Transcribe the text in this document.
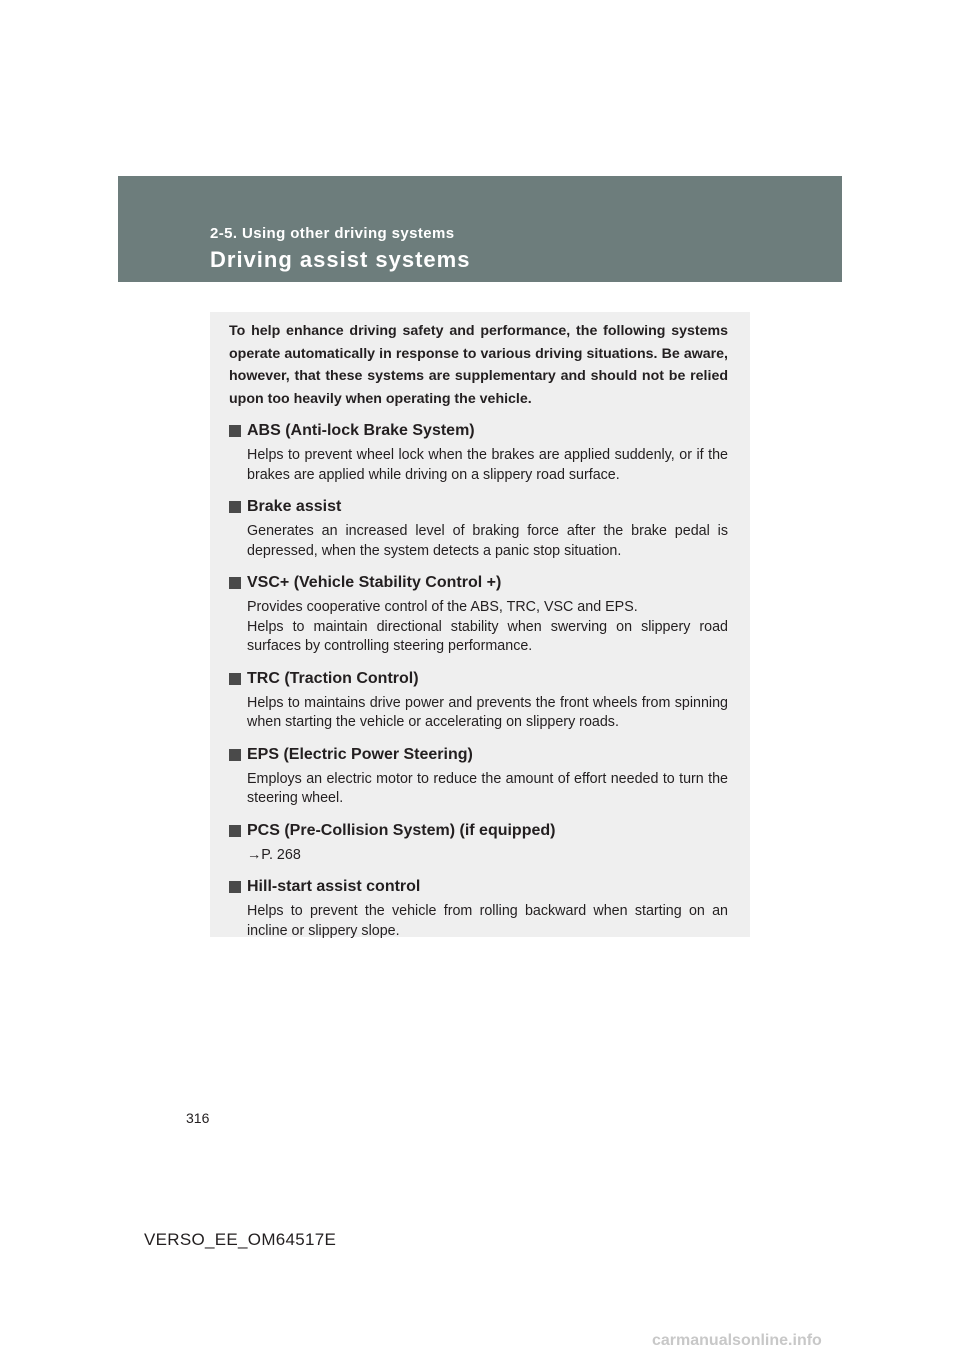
2-5. Using other driving systems
Driving assist systems

To help enhance driving safety and performance, the following systems operate automatically in response to various driving situations. Be aware, however, that these systems are supplementary and should not be relied upon too heavily when operating the vehicle.

ABS (Anti-lock Brake System)

Helps to prevent wheel lock when the brakes are applied suddenly, or if the brakes are applied while driving on a slippery road surface.

Brake assist

Generates an increased level of braking force after the brake pedal is depressed, when the system detects a panic stop situation.

VSC+ (Vehicle Stability Control +)

Provides cooperative control of the ABS, TRC, VSC and EPS.
Helps to maintain directional stability when swerving on slippery road surfaces by controlling steering performance.

TRC (Traction Control)

Helps to maintains drive power and prevents the front wheels from spinning when starting the vehicle or accelerating on slippery roads.

EPS (Electric Power Steering)

Employs an electric motor to reduce the amount of effort needed to turn the steering wheel.

PCS (Pre-Collision System) (if equipped)

→P. 268

Hill-start assist control

Helps to prevent the vehicle from rolling backward when starting on an incline or slippery slope.

316
VERSO_EE_OM64517E
carmanualsonline.info
